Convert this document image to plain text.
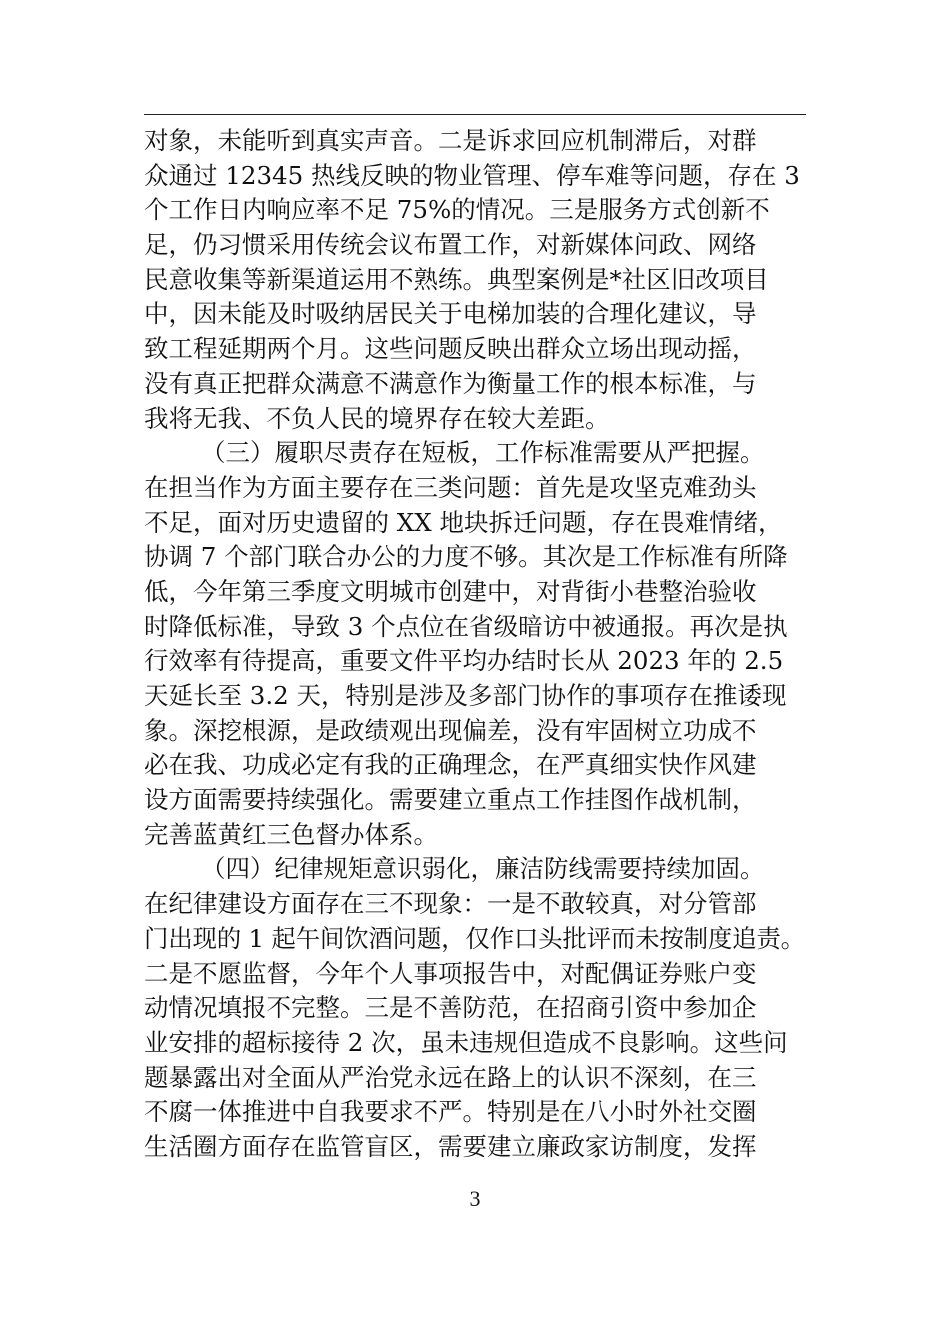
对象，未能听到真实声音。二是诉求回应机制滞后，对群
众通过 12345 热线反映的物业管理、停车难等问题，存在 3
个工作日内响应率不足 75%的情况。三是服务方式创新不
足，仍习惯采用传统会议布置工作，对新媒体问政、网络
民意收集等新渠道运用不熟练。典型案例是*社区旧改项目
中，因未能及时吸纳居民关于电梯加装的合理化建议，导
致工程延期两个月。这些问题反映出群众立场出现动摇，
没有真正把群众满意不满意作为衡量工作的根本标准，与
我将无我、不负人民的境界存在较大差距。
（三）履职尽责存在短板，工作标准需要从严把握。
在担当作为方面主要存在三类问题：首先是攻坚克难劲头
不足，面对历史遗留的 XX 地块拆迁问题，存在畏难情绪，
协调 7 个部门联合办公的力度不够。其次是工作标准有所降
低，今年第三季度文明城市创建中，对背街小巷整治验收
时降低标准，导致 3 个点位在省级暗访中被通报。再次是执
行效率有待提高，重要文件平均办结时长从 2023 年的 2.5
天延长至 3.2 天，特别是涉及多部门协作的事项存在推诿现
象。深挖根源，是政绩观出现偏差，没有牢固树立功成不
必在我、功成必定有我的正确理念，在严真细实快作风建
设方面需要持续强化。需要建立重点工作挂图作战机制，
完善蓝黄红三色督办体系。
（四）纪律规矩意识弱化，廉洁防线需要持续加固。
在纪律建设方面存在三不现象：一是不敢较真，对分管部
门出现的 1 起午间饮酒问题，仅作口头批评而未按制度追责。
二是不愿监督，今年个人事项报告中，对配偶证券账户变
动情况填报不完整。三是不善防范，在招商引资中参加企
业安排的超标接待 2 次，虽未违规但造成不良影响。这些问
题暴露出对全面从严治党永远在路上的认识不深刻，在三
不腐一体推进中自我要求不严。特别是在八小时外社交圈
生活圈方面存在监管盲区，需要建立廉政家访制度，发挥
3
